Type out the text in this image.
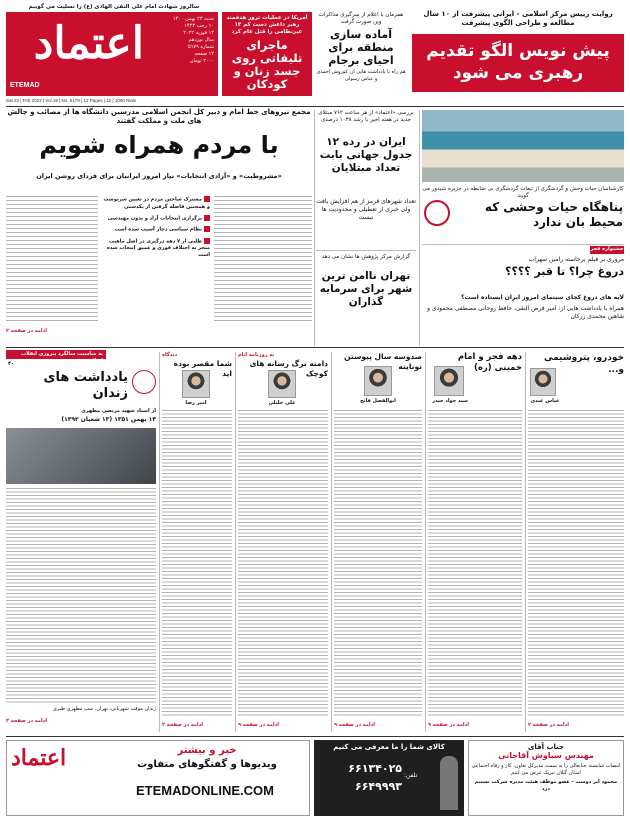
سالروز شهادت امام علی النقی الهادی (ع) را تسلیت می گوییم
اعتماد	شنبه ۲۳ بهمن ۱۴۰۰
۱۰ رجب ۱۴۴۳
۱۲ فوریه ۲۰۲۲
سال نوزدهم
شماره ۵۱۷۹
۱۲ صفحه
۲۰۰۰ تومان
ETEMAD
Sat 23 | Feb 2022 | Vol.19 | No. 5179 | 12 Pages | 12 | 1000 Rials
آمریکا در عملیات ترور هدفمند رهبر داعش دست کم ۱۳ غیرنظامی را قتل عام کرد
ماجرای تلیفاتی روی جسد زنان و کودکان
همزمان با اعلام از سرگیری مذاکرات وین صورت گرفت
آماده سازی منطقه برای احیای برجام
هم راه با یادداشت هایی از: کوروش احمدی و عباس رسولی
روایت رییس مرکز اسلامی - ایرانی پیشرفت از ۱۰ سال مطالعه و طراحی الگوی پیشرفت
پیش نویس الگو تقدیم رهبری می شود
کارشناسان حیات وحش و گردشگری از تبعات گردشگری بی ضابطه در جزیره شیدور می گویند
پناهگاه حیات وحشی که محیط بان ندارد
جشنواره فجر
مروری بر فیلم برخاسته رامین سهراب
دروغ چرا؟ تا قبر ؟؟؟؟
لایه های دروغ کجای سینمای امروز ایران ایستاده است؟
همراه با یادداشت هایی از: امیر قرض النقی، حافظ روحانی مصطفی محمودی و شاهین محمدی زرکان
بررسی «اعتماد» از هر ساعت ۷۶۲ مبتلای جدید در هفته اخیر با رشد ۱۰۳۸ درصدی
ایران در رده ۱۲ جدول جهانی بابت تعداد مبتلایان
تعداد شهرهای قرمز از هم افزایش یافت ولی خبری از تعطیلی و محدودیت ها نیست
گزارش مرکز پژوهش ها نشان می دهد
تهران ناامن ترین شهر برای سرمایه گذاران
مجمع نیروهای خط امام و دبیر کل انجمن اسلامی مدرسین دانشگاه ها از مصائب و چالش های ملت و مملکت گفتند
با مردم همراه شویم
«مشروطیت» و «آزادی انتخابات» نیاز امروز ایرانیان برای فردای روشن ایران
مشترک ساختن مردم در تعیین سرنوشت و همچنین فاصله گرفتن از یکدستی
برگزاری انتخابات آزاد و بدون مهندسی
نظام سیاسی دچار آسیب شده است
طلبی از ۷ دهه درگیری در اصل ماهیت منجر به اختلاف فوری و عمیق انتخاب شده است
ادامه در صفحه ۲
به مناسبت سالگرد پیروزی انقلاب اسلامی
۴۰
خودرو، پتروشیمی و...
عباس عبدی
ادامه در صفحه ۲
دهه فجر و امام خمینی (ره)
سید جواد حیدر
ادامه در صفحه ۹
صدوسه سال پیوستن تونایته
ابوالفضل فاتح
ادامه در صفحه ۹
به روزنامه ایام
دامنه برگ رسانه های کوچک
علی خلیلی
ادامه در صفحه ۹
دیدگاه
شما مقصر بوده اید
امیر رضا
ادامه در صفحه ۲
یادداشت های زندان
از استاد شهید مرتضی مطهری
۱۴ بهمن ۱۳۵۱ (۱۳ شعبان ۱۳۹۲)
زندان موقت شهربانی، تهران، شب مطهری طیری
ادامه در صفحه ۲
اعتماد	خبر و بیشتر
ویدیوها و گفتگوهای متفاوت
ETEMADONLINE.COM
کالای شما را ما معرفی می کنیم
تلفن:
۶۶۱۳۴۰۲۵
۶۶۴۹۹۹۳
جناب آقای
مهندس سیاوش آقاجانی
انتصاب شایسته جنابعالی را به سمت مدیرکل تعاون، کار و رفاه اجتماعی استان گیلان تبریک عرض می کنیم
محمود ابر دوست - عضو موظف هیئت مدیره شرکت تسنیم دزد
